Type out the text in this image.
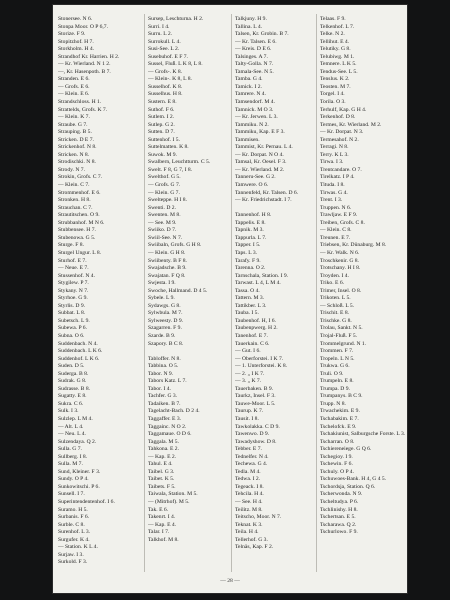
Stonersee. N 6.
Stonpa Moor. O P 6,7.
Storize. F 9.
Stopitzhof. H 7.
Storkholm. H 4.
Strandhof Kr. Harrien. H 2.
— Kr. Wierland. N 1 2.
—, Kr. Hasenpoth. B 7.
Stranden. E 6.
— Grofs. E 6.
— Klein. E 6.
Strandschloss. H 1.
Strattelds, Grofs. K 7.
— Klein. K 7.
Straube. G 7.
Strauping. B 5.
Stricken. D E 7.
Strickenhof. N 8.
Stricken. N 8.
Strodischki. N 8.
Strody. N 7.
Strokin, Grofs. C 7.
— Klein. C 7.
Strommenhof. E 6.
Stronken. H 8.
Strauchan. C 7.
Strautitschen. O 9.
Strubbanhof. M N 6.
Stubbensee. H 7.
Stubenowa. G 5.
Sturge. F 8.
Sturgel Ungur. L 8.
Sturhof. E 7.
— Neue. E 7.
Stussenhof. N 4.
Stygilew. P 7.
Stykany. N 7.
Styrhoe. G 9.
Styrlis. D 9.
Subbat. L 8.
Subetsch. L 9.
Subewa. P 6.
Subna. O 6.
Suddenbach. N 4.
Suddenbach. L K 6.
Suddenhof. L K 6.
Suden. D 5.
Suderga. B 8.
Sudrak. G 8.
Sudrasse. B 8.
Sugatty. E 8.
Sukra. C 6.
Sulk. I 3.
Sulzlep. L M 4.
— Alt. L 4.
— Neu. L 4.
Sulzendaya. Q 2.
Sulla. G 7.
Sullberg. I 8.
Sulla. M 7.
Sund, Kleiner. F 3.
Sundy. O P 4.
Sunkowitschi. P 6.
Sunsell. I 7.
Superintendentenhof. I 6.
Suramo. H 5.
Surbanis. F 6.
Surble. C 8.
Surenhof. L 3.
Surgufer. K 4.
— Station. K L 4.
Surjaw. I 3.
Surkold. F 3.
Sursep, Leschturna. H 2.
Surri. I 4.
Surru. L 2.
Surrokull. L 4.
Susi-See. L 2.
Susebuhof. E F 7.
Sussel, Fluß. L K 8, L 8.
— Grofs-. K 8.
— Klein-. K 8, L 8.
Susselhof. K 8.
Susselhus. H 8.
Sustern. E 8.
Suthof. F 6.
Sutlem. I 2.
Sutlep. G 2.
Sutten. D 7.
Suttenhof. I 5.
Suttelmatten. K 8.
Suwok. M 9.
Swalbern, Leuchtturm. C 5.
Swelt. F 8, G 7, I 8.
Swelthof. G 5.
— Grofs. G 7.
— Klein. G 7.
Swelteppe. H I 8.
Swenti. D 2.
Swenten. M 8.
— See. M 9.
Swiiko. D 7.
Swiil-See. N 7.
Swiibaln, Grofs. G H 8.
— Klein. G H 8.
Swiibenty. B F 8.
Swajadsche. B 9.
Swajatan. F Q 8.
Swjesta. I 9.
Swoche, Hallmand. D 4 5.
Sybele. L 9.
Sydawgs. G 8.
Sylwbula. M 7.
Sylweesty. D 9.
Szagarren. F 9.
Szarde. B 9.
Szapory. B C 8.
Tabloffer. N 8.
Tabbina. O 5.
Tabor. N 9.
Tabors Katz. L 7.
Tabor. I 4.
Tachfer. G 3.
Tadaiken. B 7.
Tagelacht-Bach. D 2 4.
Taggaffer. E 3.
Taggainc. N O 2.
Taggamaue. O D 6.
Taggala. M 5.
Tahkona. E 2.
— Kap. E 2.
Tahul. E 4.
Taibel. G 3.
Taibet. K 5.
Taibets. F 5.
Taiwala, Station. M 5.
— (Mitrhof). M 5.
Tak. E 6.
Takenrt. I 4.
— Kap. E 4.
Talar. I 7.
Talkhof. M 8.
Talkjuny. H 9.
Tallina. L 4.
Talsen, Kr. Grobin. B 7.
— Kr. Talsen. E 6.
— Kreis. D E 6.
Talsinges. A 7.
Talty-Golla. N 7.
Tamala-See. N 5.
Tamba. G 4.
Tamick. I 2.
Tamrere. N 4.
Tamsendorf. M 4.
Tamnick. M O 3.
— Kr. Jerwen. L 3.
Tammiku. N 2.
Tammiku, Kap. E F 3.
Tammisen.
Tammist, Kr. Pernau. L 4.
— Kr. Dorpat. N O 4.
Tamsal, Kr. Oesel. F 3.
— Kr. Wierland. M 2.
Tanneru-See. G 2.
Tamwere. O 6.
Tannenfeld, Kr. Talsen. D 6.
— Kr. Friedrichstadt. I 7.
Tannenhof. H 8.
Tappelis. E 8.
Tapnik. M 3.
Tappurla. L 7.
Tapper. I 5.
Taps. L 3.
Tarafy. F 9.
Tarenna. O 2.
Tarnschala, Station. I 9.
Tarwast. L 4, L M 4.
Tassa. O 4.
Tattern. M 3.
Tattikber. L 3.
Tauba. I 5.
Taubenhof. H, I 6.
Taubenpwerg. H 2.
Tanenhof. E 7.
Tauerkain. C 6.
— Gut. I 6.
— Oberforstei. I K 7.
— 1. Unterforstei. K 8.
— 2. „ I K 7.
— 3. „ K 7.
Tauerbaken. B 9.
Taurkz, Insel. F 3.
Tauwe-Moor. L 5.
Taurup. K 7.
Tausit. I 8.
Tawkolakka. C D 9.
Tawenwo. D 9.
Tawadyshow. D 8.
Tebber. E 7.
Tednelfer. N 4.
Techewa. G 4.
Tedla. M 4.
Tedwa. I 2.
Tegeack. I 8.
Tehcila. H 4.
— See. H 4.
Teilitz. M 8.
Teitscho, Moor. N 7.
Teknat. K 3.
Teila. H 4.
Tellerhof. G 3.
Telnäs, Kap. F 2.
Telaas. F 9.
Telkenhof. L 7.
Telke. N 2.
Tellihut. E 4.
Telutiky. G 8.
Telubiwg. M 1.
Temnere. L K 5.
Tendus-See. L 5.
Tenslus. K 2.
Teosten. M 7.
Torgel. I 4.
Torila. O 3.
Terhulf, Kap. G H 4.
Terkenhof. D 8.
Termes, Kr. Wierland. M 2.
— Kr. Dorpat. N 3.
Termesahof. N 2.
Terragi. N 8.
Terry. K L 3.
Tirwa. I 3.
Trentcandare. O 7.
Tirelkatz. I P 4.
Tituda. I 8.
Tirwas. G 4.
Trent. I 3.
Truppen. N 6.
Trawljaw. E F 9.
Treiben, Grofs. C 8.
— Klein. C 8.
Treunen. E 7.
Triebsen, Kr. Dünaburg. M 8.
— Kr. Walk. N 6.
Troschkenir. G 8.
Trotschany. H I 8.
Troyden. I 4.
Triko. E 6.
Trimer, Insel. O 8.
Trikoten. L 5.
— Schloß. L 5.
Trischit. E 8.
Trischke. G 8.
Trolau, Sankt. N 5.
Trojal-Fluß. F 5.
Trommelgrund. N 1.
Trommen. F 7.
Tropeln. L N 5.
Trukwa. G 6.
Truli. O 9.
Trumpeln. E 8.
Trumpa. D 9.
Trumpanys. B C 9.
Trupp. N 8.
Trwachekim. E 9.
Tschabakim. E 7.
Tschelofck. E 9.
Tschakiunist, Salburgsche Forste. L 3.
Tscharran. O 8.
Tschiereneiege. G Q 6.
Tschegioy. I 9.
Tschewin. F 6.
Tschuly. O P 4.
Tschuwoes-Bank. H 4, G 4 5.
Tschordsja, Station. Q 6.
Tscherwonda. N 9.
Tscheltudya. P 6.
Tschlinishy. H 8.
Tschertsan. E 5.
Tscharawa. Q 2.
Tschurlowo. F 9.
— 28 —
